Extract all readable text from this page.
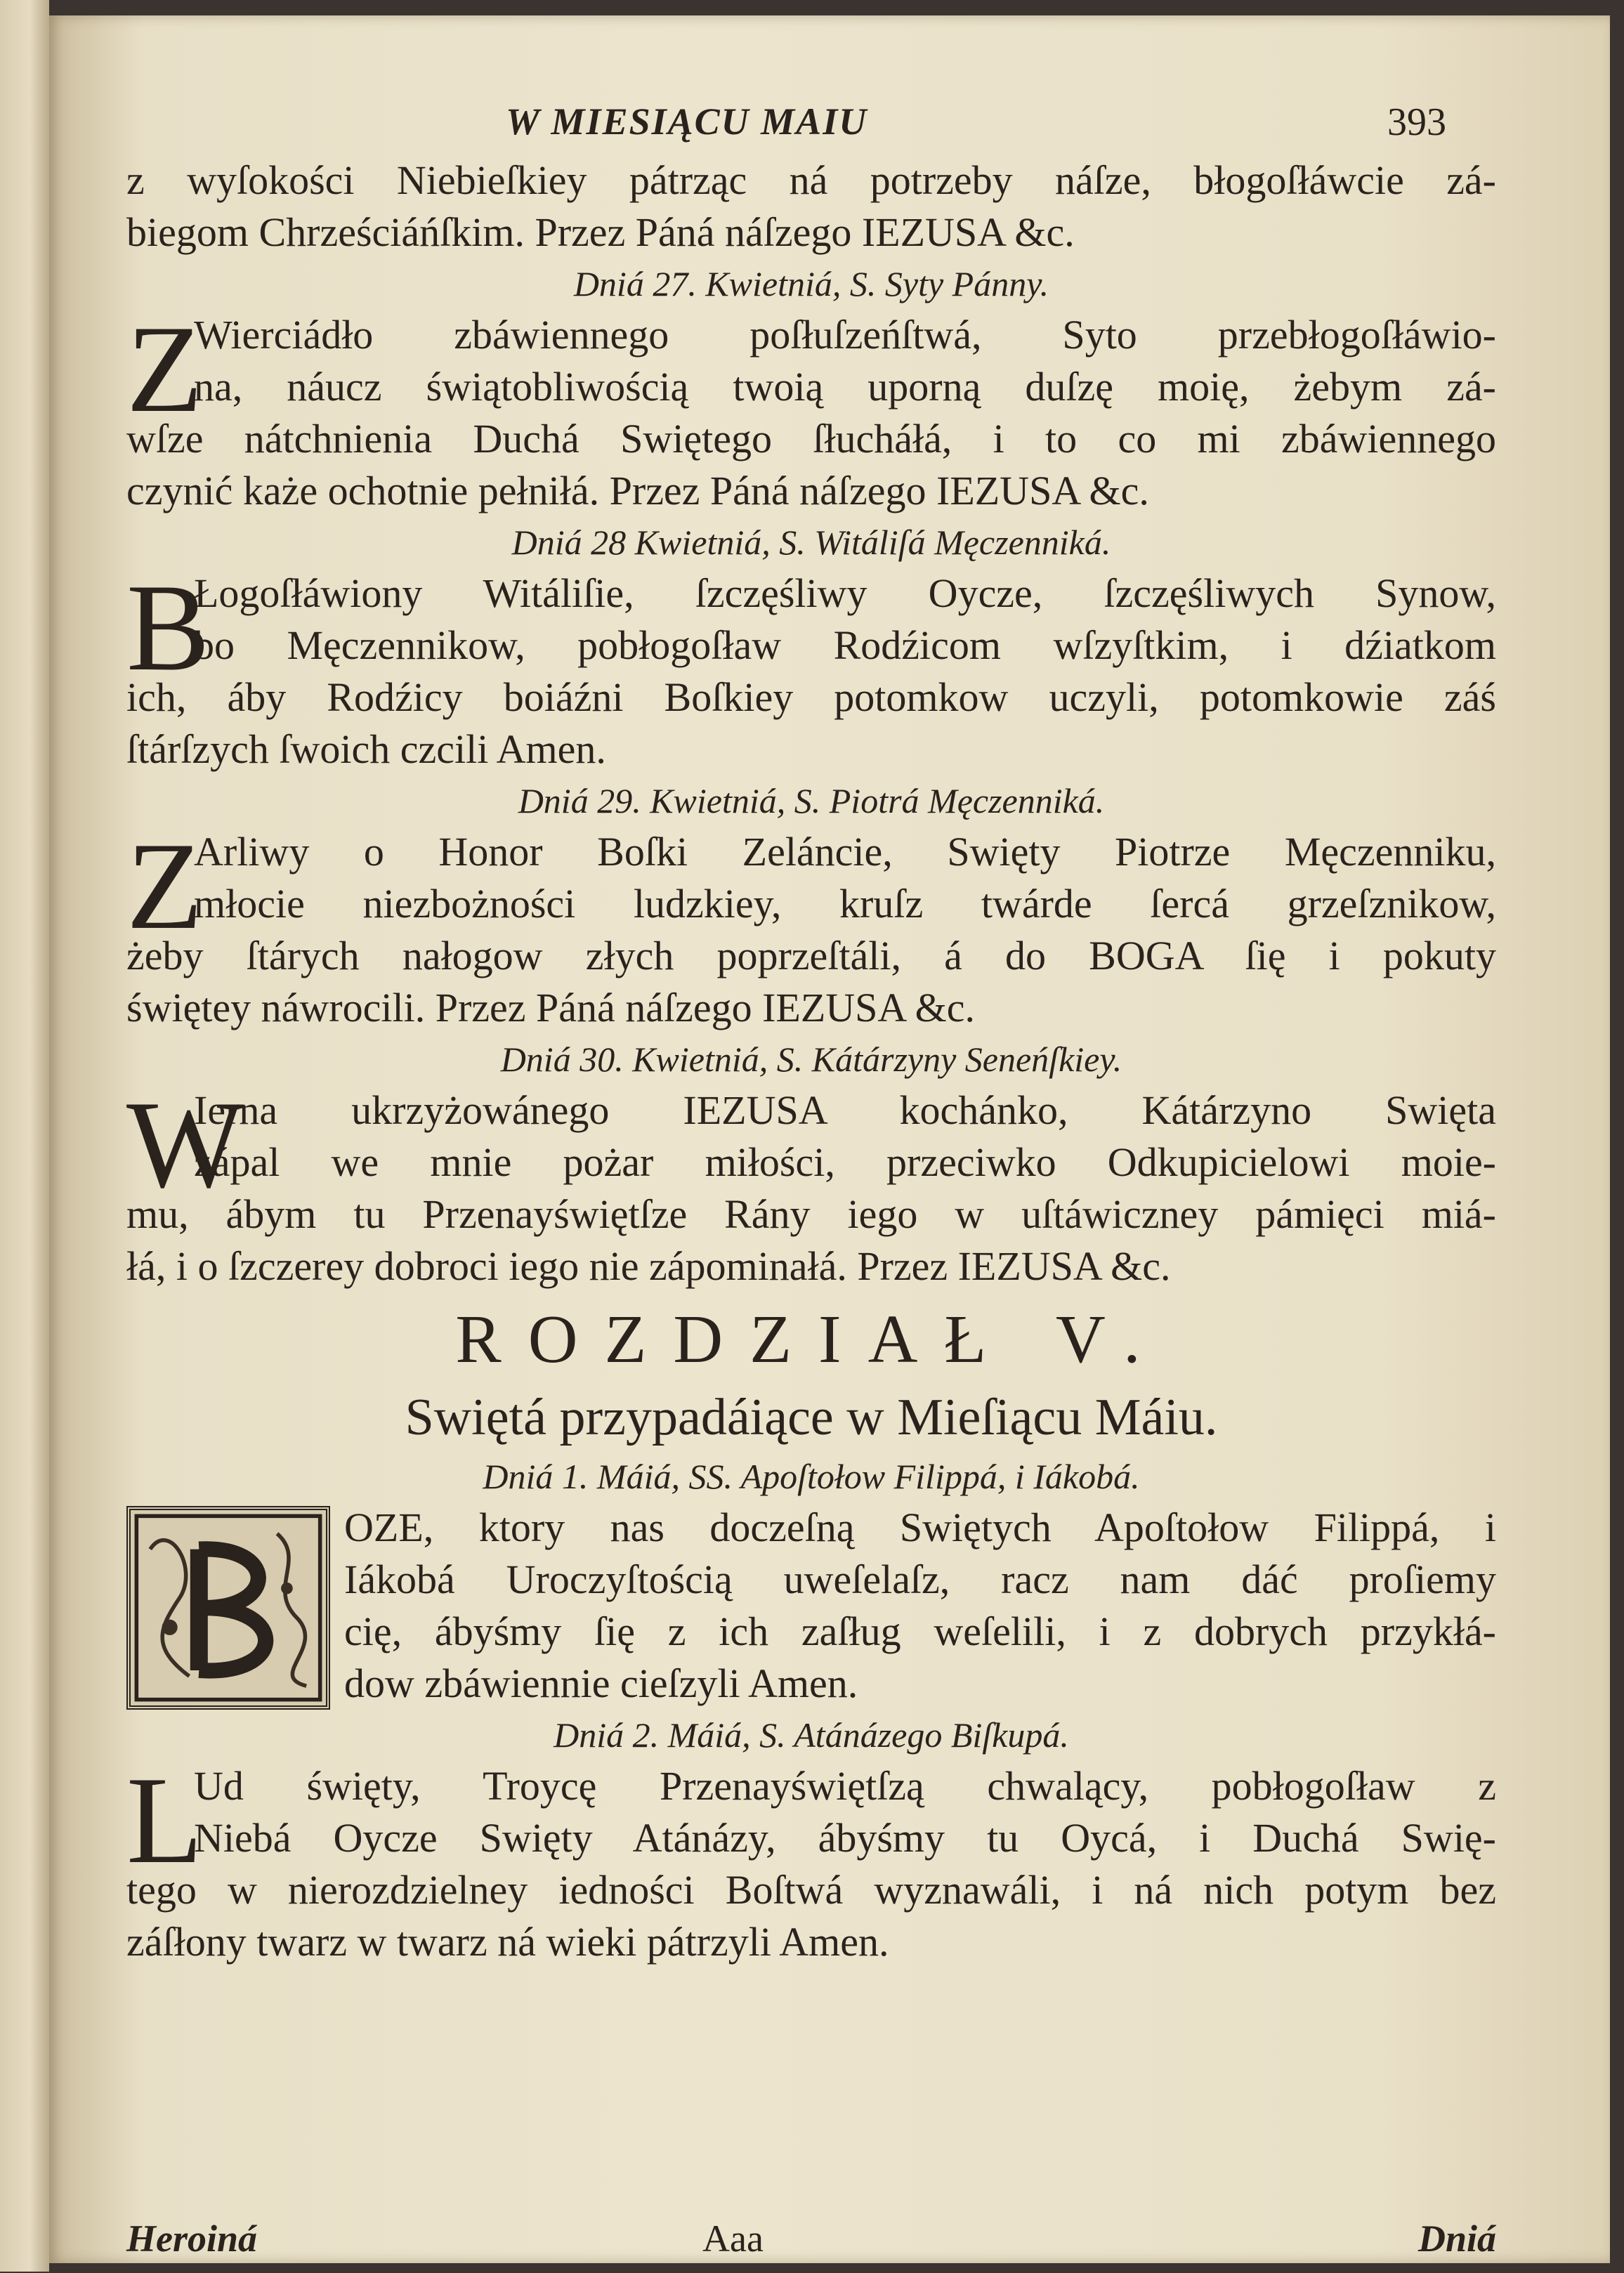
W MIESIĄCU MAIU	393
z wyſokości Niebieſkiey pátrząc ná potrzeby náſze, błogoſłáwcie zá-
biegom Chrześciáńſkim. Przez Páná náſzego IEZUSA &c.
Dniá 27. Kwietniá, S. Syty Pánny.
Z
Wierciádło zbáwiennego poſłuſzeńſtwá, Syto przebłogoſłáwio-
na, náucz świątobliwością twoią uporną duſzę moię, żebym zá-
wſze nátchnienia Duchá Swiętego ſłucháłá, i to co mi zbáwiennego
czynić każe ochotnie pełniłá. Przez Páná náſzego IEZUSA &c.
Dniá 28 Kwietniá, S. Witáliſá Męczenniká.
B
Łogoſłáwiony Witáliſie, ſzczęśliwy Oycze, ſzczęśliwych Synow,
bo Męczennikow, pobłogoſław Rodźicom wſzyſtkim, i dźiatkom
ich, áby Rodźicy boiáźni Boſkiey potomkow uczyli, potomkowie záś
ſtárſzych ſwoich czcili Amen.
Dniá 29. Kwietniá, S. Piotrá Męczenniká.
Z
Arliwy o Honor Boſki Zeláncie, Swięty Piotrze Męczenniku,
młocie niezbożności ludzkiey, kruſz twárde ſercá grzeſznikow,
żeby ſtárych nałogow złych poprzeſtáli, á do BOGA ſię i pokuty
świętey náwrocili. Przez Páná náſzego IEZUSA &c.
Dniá 30. Kwietniá, S. Kátárzyny Seneńſkiey.
W
Ierna ukrzyżowánego IEZUSA kochánko, Kátárzyno Swięta
zápal we mnie pożar miłości, przeciwko Odkupicielowi moie-
mu, ábym tu Przenayświętſze Rány iego w uſtáwiczney pámięci miá-
łá, i o ſzczerey dobroci iego nie zápominałá. Przez IEZUSA &c.
ROZDZIAŁ V.
Swiętá przypadáiące w Mieſiącu Máiu.
Dniá 1. Máiá, SS. Apoſtołow Filippá, i Iákobá.
OZE, ktory nas doczeſną Swiętych Apoſtołow Filippá, i
Iákobá Uroczyſtością uweſelaſz, racz nam dáć proſiemy
cię, ábyśmy ſię z ich zaſług weſelili, i z dobrych przykłá-
dow zbáwiennie cieſzyli Amen.
Dniá 2. Máiá, S. Atánázego Biſkupá.
L
Ud święty, Troycę Przenayświętſzą chwalący, pobłogoſław z
Niebá Oycze Swięty Atánázy, ábyśmy tu Oycá, i Duchá Swię-
tego w nierozdzielney iedności Boſtwá wyznawáli, i ná nich potym bez
záſłony twarz w twarz ná wieki pátrzyli Amen.
Heroiná	Aaa	Dniá
